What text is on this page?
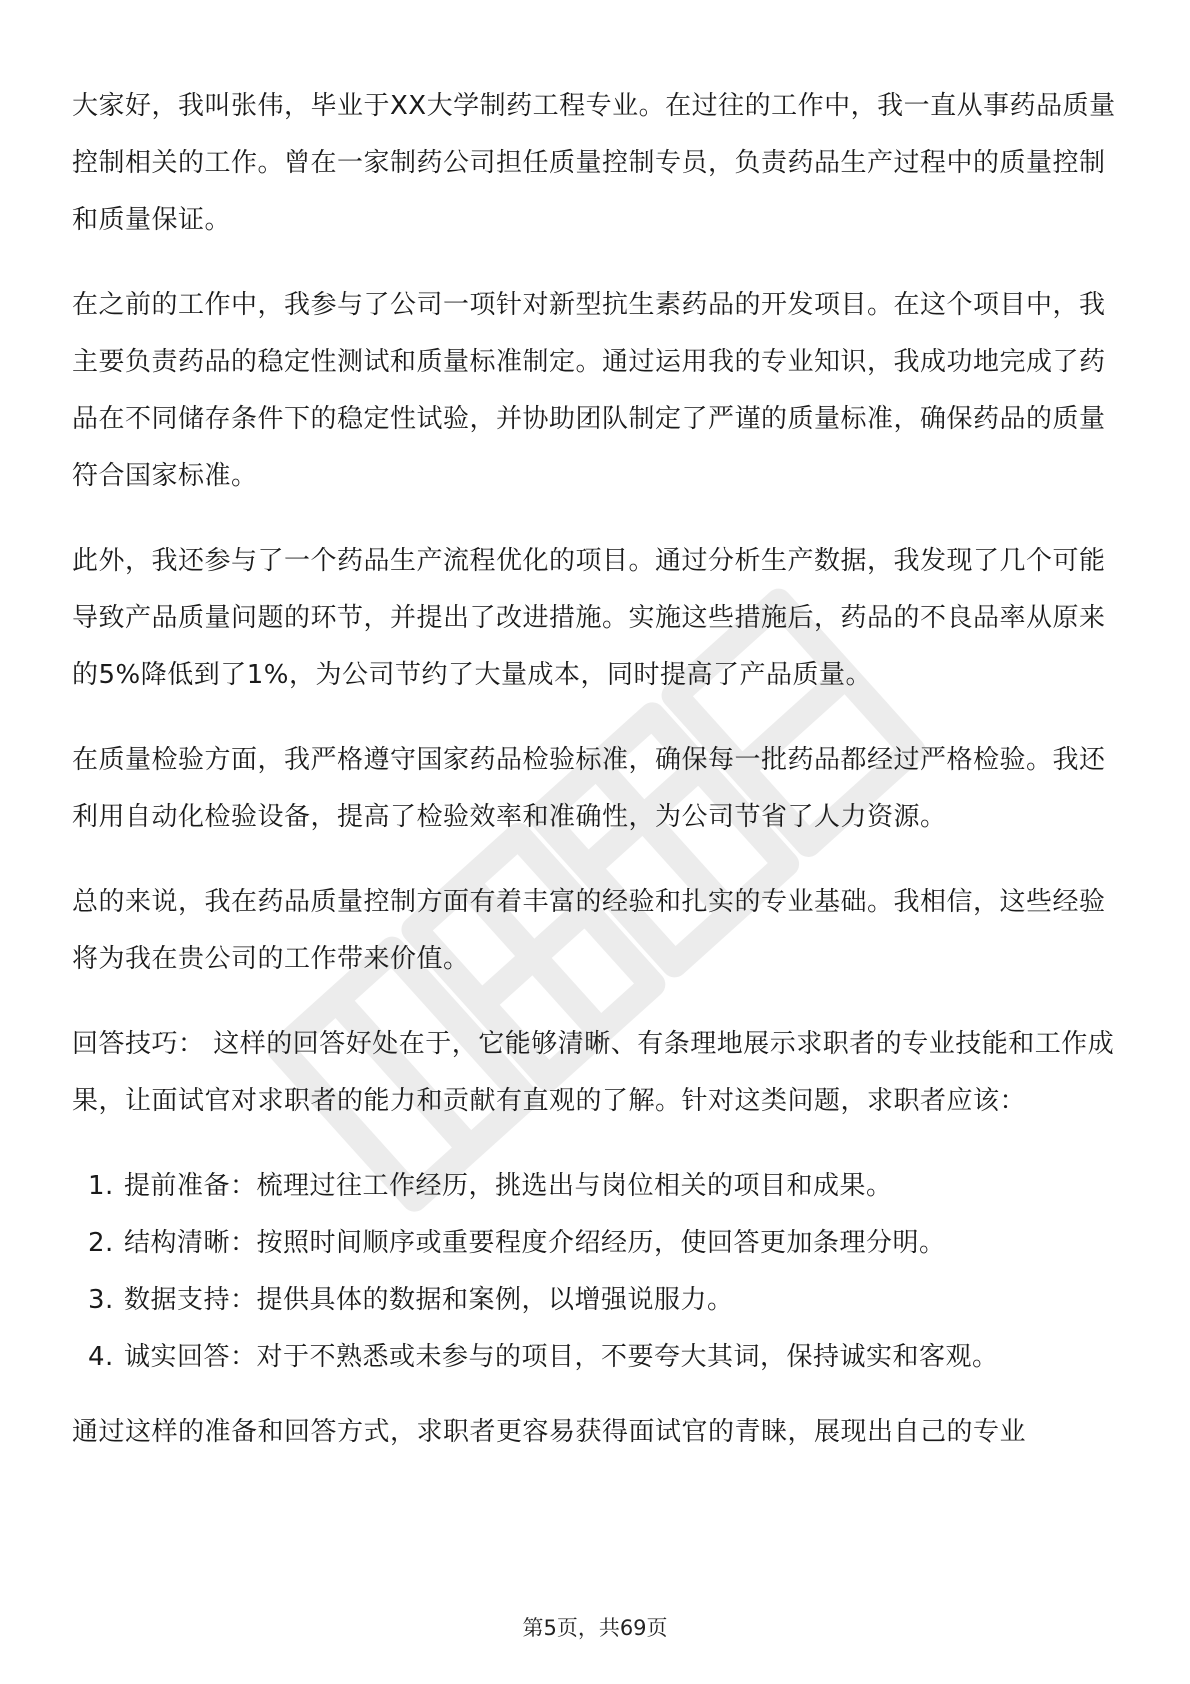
大家好，我叫张伟，毕业于XX大学制药工程专业。在过往的工作中，我一直从事药品质量控制相关的工作。曾在一家制药公司担任质量控制专员，负责药品生产过程中的质量控制和质量保证。

在之前的工作中，我参与了公司一项针对新型抗生素药品的开发项目。在这个项目中，我主要负责药品的稳定性测试和质量标准制定。通过运用我的专业知识，我成功地完成了药品在不同储存条件下的稳定性试验，并协助团队制定了严谨的质量标准，确保药品的质量符合国家标准。

此外，我还参与了一个药品生产流程优化的项目。通过分析生产数据，我发现了几个可能导致产品质量问题的环节，并提出了改进措施。实施这些措施后，药品的不良品率从原来的5%降低到了1%，为公司节约了大量成本，同时提高了产品质量。

在质量检验方面，我严格遵守国家药品检验标准，确保每一批药品都经过严格检验。我还利用自动化检验设备，提高了检验效率和准确性，为公司节省了人力资源。

总的来说，我在药品质量控制方面有着丰富的经验和扎实的专业基础。我相信，这些经验将为我在贵公司的工作带来价值。

回答技巧： 这样的回答好处在于，它能够清晰、有条理地展示求职者的专业技能和工作成果，让面试官对求职者的能力和贡献有直观的了解。针对这类问题，求职者应该：

1. 提前准备：梳理过往工作经历，挑选出与岗位相关的项目和成果。
2. 结构清晰：按照时间顺序或重要程度介绍经历，使回答更加条理分明。
3. 数据支持：提供具体的数据和案例，以增强说服力。
4. 诚实回答：对于不熟悉或未参与的项目，不要夸大其词，保持诚实和客观。

通过这样的准备和回答方式，求职者更容易获得面试官的青睐，展现出自己的专业

第5页，共69页
